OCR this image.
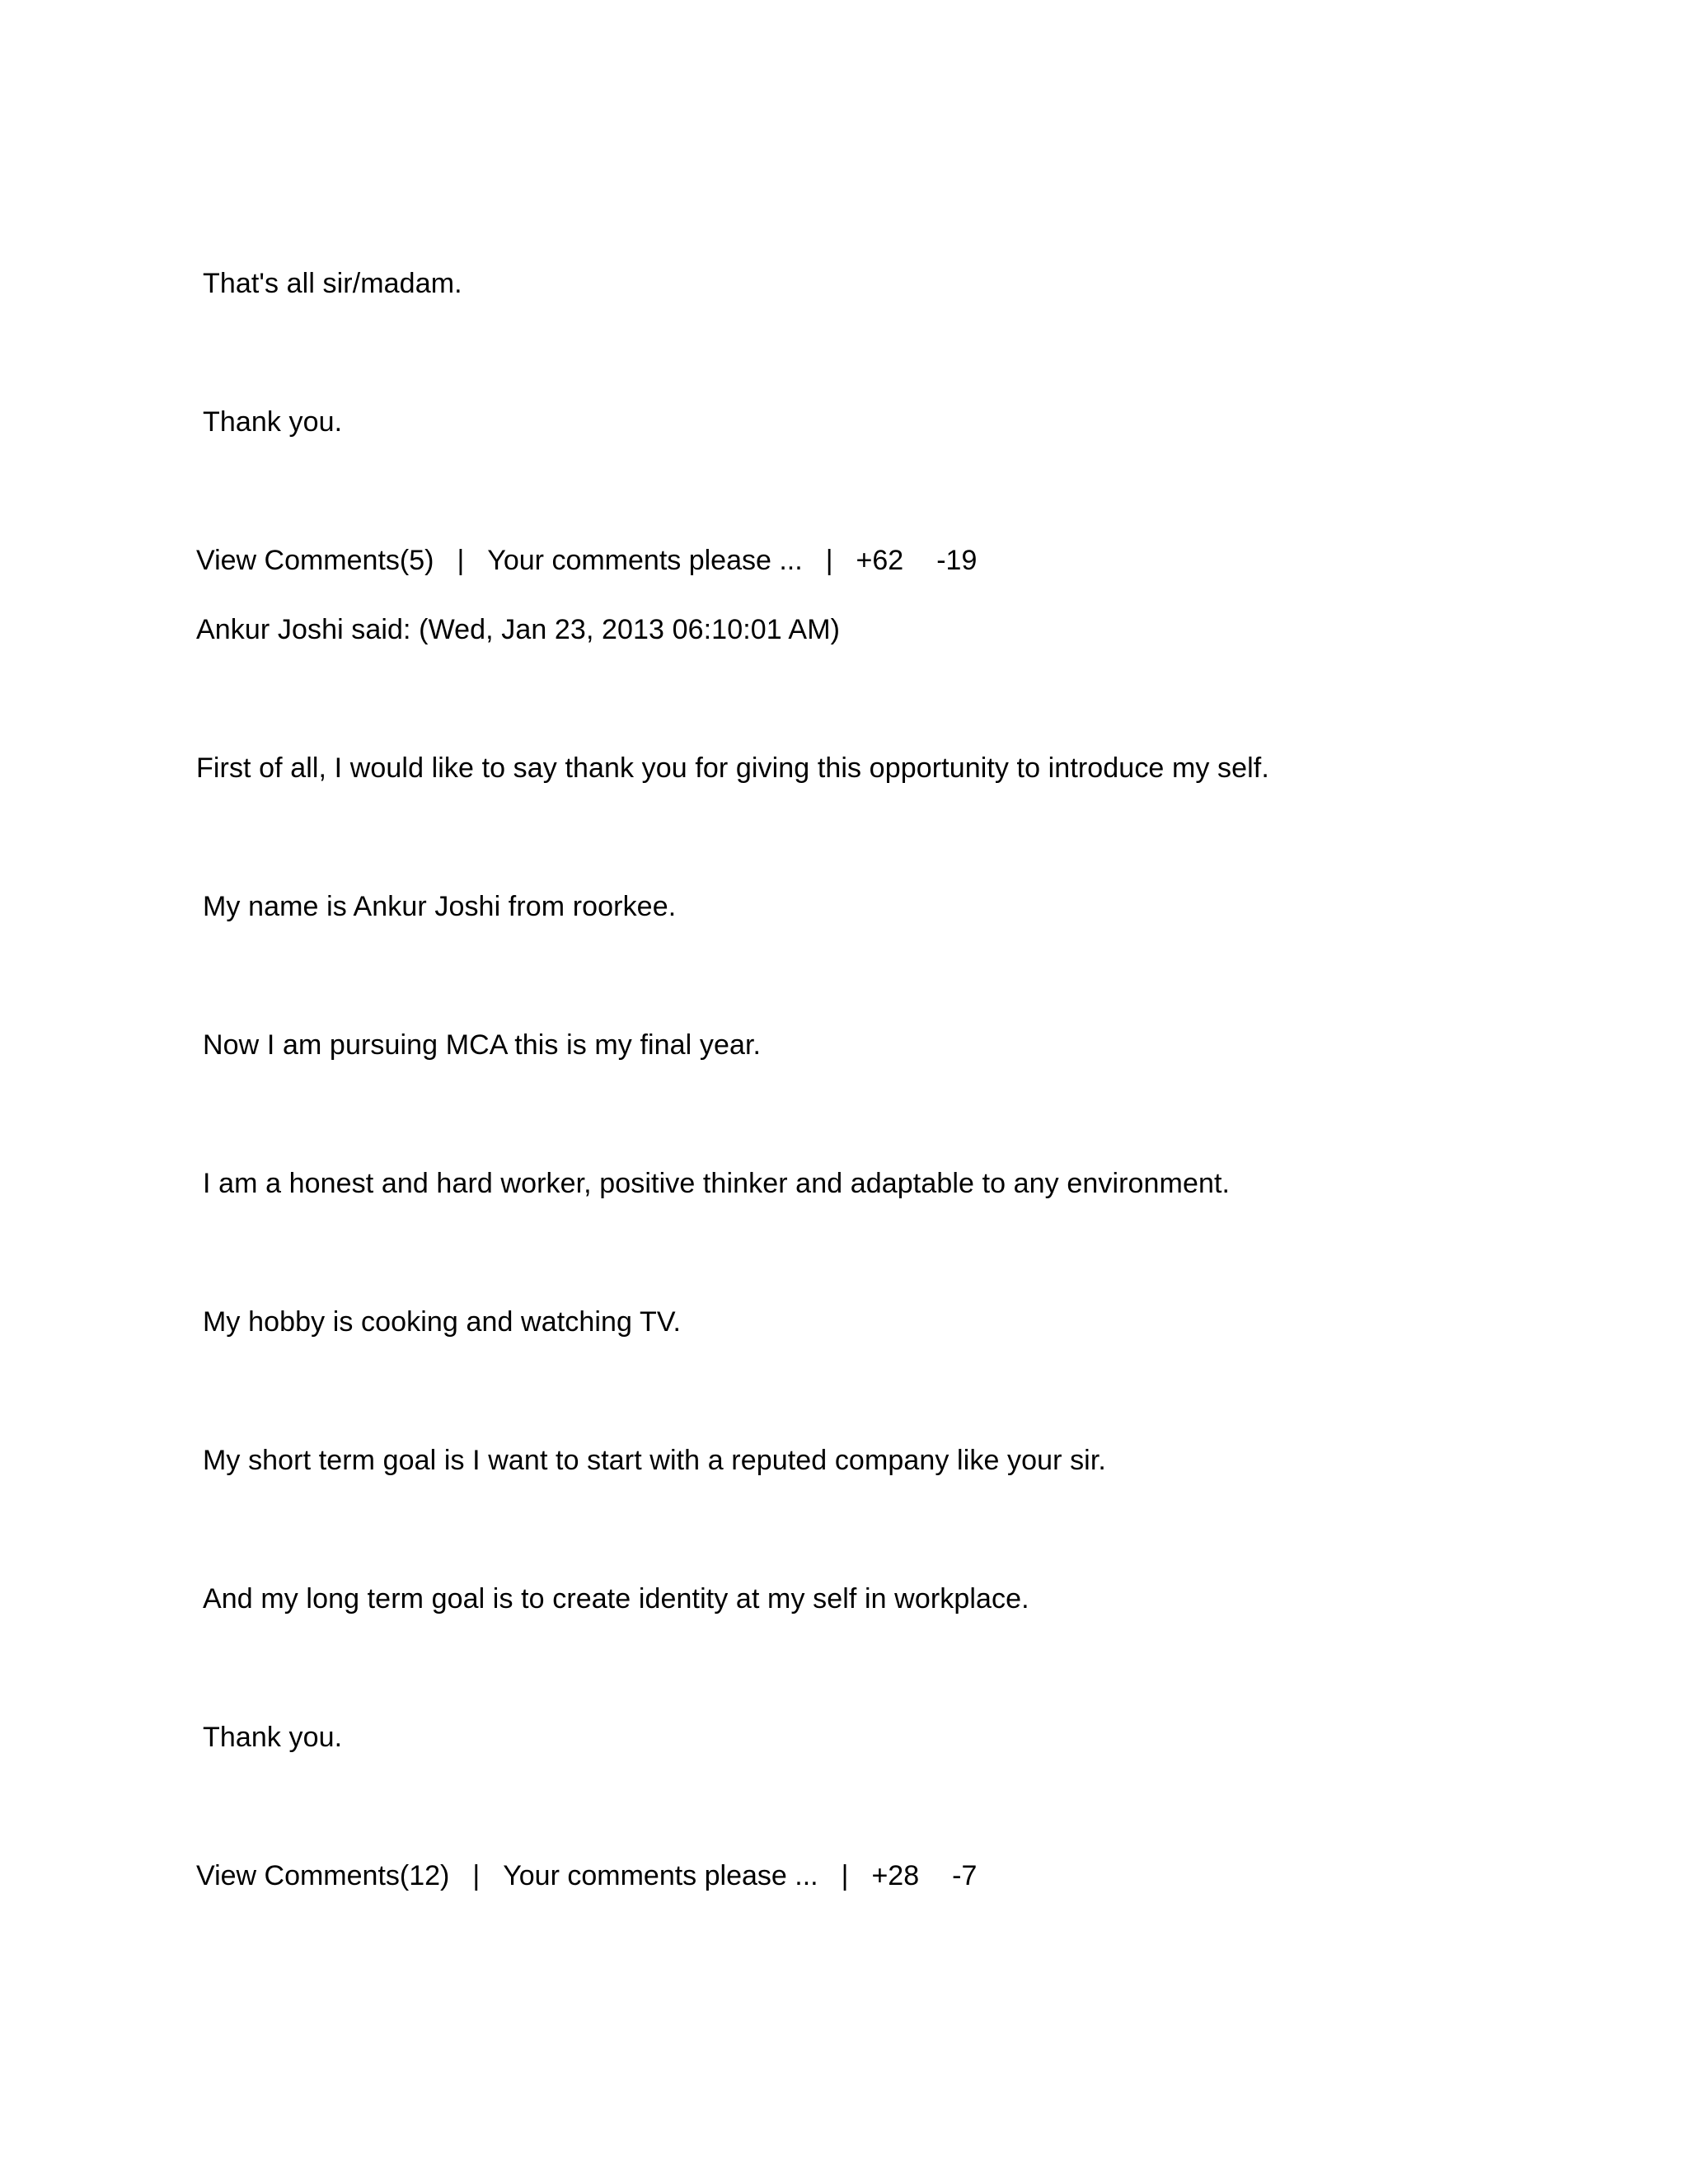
That's all sir/madam.
Thank you.
View Comments(5) | Your comments please ... | +62 -19
Ankur Joshi said: (Wed, Jan 23, 2013 06:10:01 AM)
First of all, I would like to say thank you for giving this opportunity to introduce my self.
My name is Ankur Joshi from roorkee.
Now I am pursuing MCA this is my final year.
I am a honest and hard worker, positive thinker and adaptable to any environment.
My hobby is cooking and watching TV.
My short term goal is I want to start with a reputed company like your sir.
And my long term goal is to create identity at my self in workplace.
Thank you.
View Comments(12) | Your comments please ... | +28 -7
